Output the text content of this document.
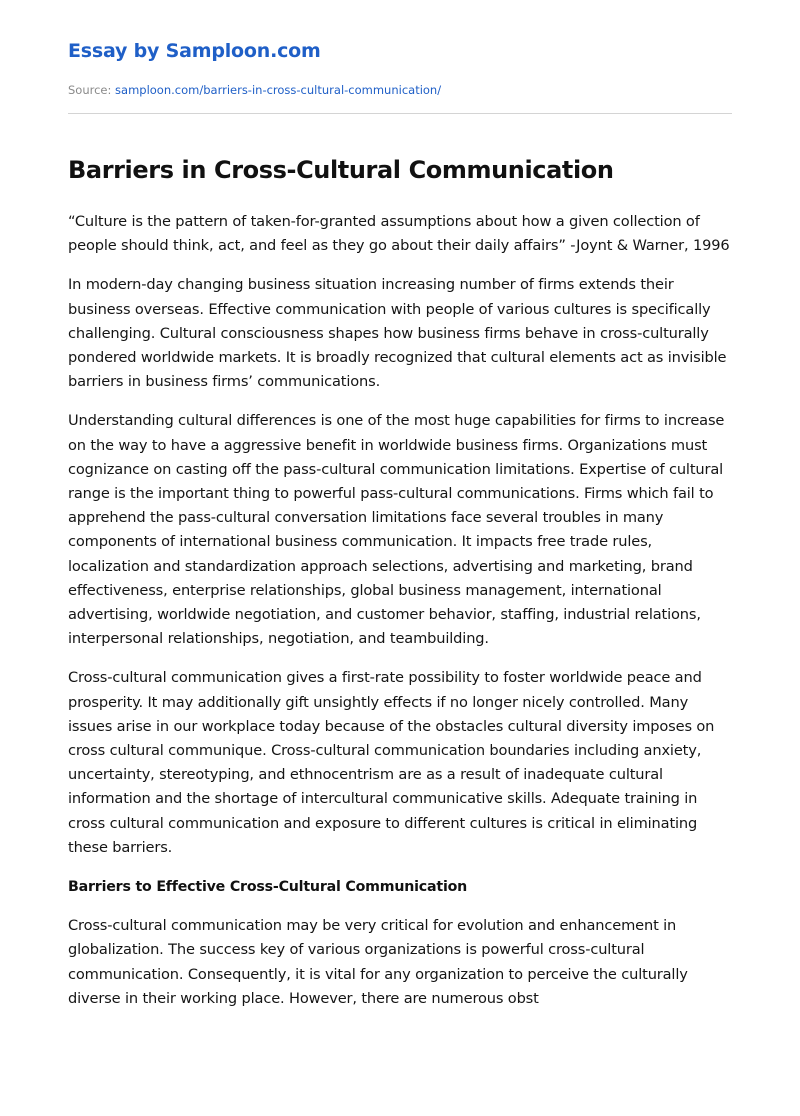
Essay by Samploon.com
Source: samploon.com/barriers-in-cross-cultural-communication/
Barriers in Cross-Cultural Communication

“Culture is the pattern of taken-for-granted assumptions about how a given collection of people should think, act, and feel as they go about their daily affairs” -Joynt & Warner, 1996

In modern-day changing business situation increasing number of firms extends their business overseas. Effective communication with people of various cultures is specifically challenging. Cultural consciousness shapes how business firms behave in cross-culturally pondered worldwide markets. It is broadly recognized that cultural elements act as invisible barriers in business firms’ communications.

Understanding cultural differences is one of the most huge capabilities for firms to increase on the way to have a aggressive benefit in worldwide business firms. Organizations must cognizance on casting off the pass-cultural communication limitations. Expertise of cultural range is the important thing to powerful pass-cultural communications. Firms which fail to apprehend the pass-cultural conversation limitations face several troubles in many components of international business communication. It impacts free trade rules, localization and standardization approach selections, advertising and marketing, brand effectiveness, enterprise relationships, global business management, international advertising, worldwide negotiation, and customer behavior, staffing, industrial relations, interpersonal relationships, negotiation, and teambuilding.

Cross-cultural communication gives a first-rate possibility to foster worldwide peace and prosperity. It may additionally gift unsightly effects if no longer nicely controlled. Many issues arise in our workplace today because of the obstacles cultural diversity imposes on cross cultural communique. Cross-cultural communication boundaries including anxiety, uncertainty, stereotyping, and ethnocentrism are as a result of inadequate cultural information and the shortage of intercultural communicative skills. Adequate training in cross cultural communication and exposure to different cultures is critical in eliminating these barriers.

Barriers to Effective Cross-Cultural Communication

Cross-cultural communication may be very critical for evolution and enhancement in globalization. The success key of various organizations is powerful cross-cultural communication. Consequently, it is vital for any organization to perceive the culturally diverse in their working place. However, there are numerous obst
